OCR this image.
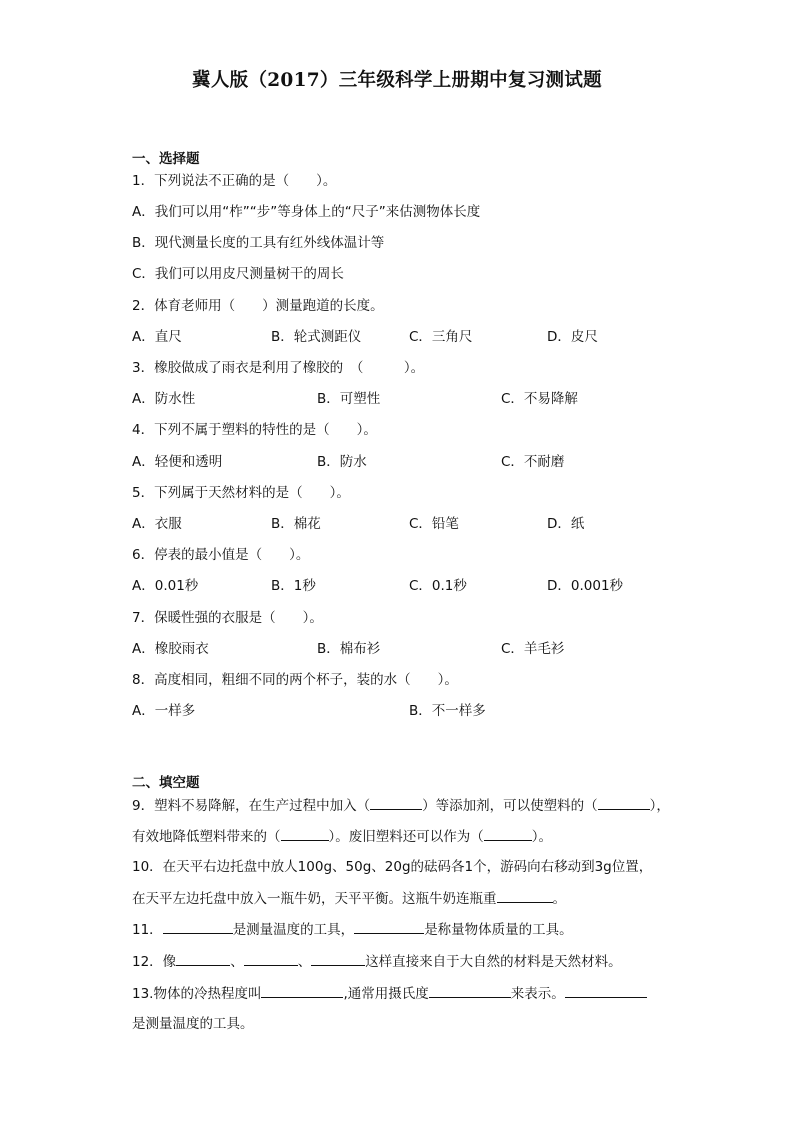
冀人版（2017）三年级科学上册期中复习测试题
一、选择题
1．下列说法不正确的是（　　）。
A．我们可以用“柞”“步”等身体上的“尺子”来估测物体长度
B．现代测量长度的工具有红外线体温计等
C．我们可以用皮尺测量树干的周长
2．体育老师用（　　）测量跑道的长度。
A．直尺	B．轮式测距仪	C．三角尺	D．皮尺
3．橡胶做成了雨衣是利用了橡胶的　（　　　）。
A．防水性	B．可塑性	C．不易降解
4．下列不属于塑料的特性的是（　　）。
A．轻便和透明	B．防水	C．不耐磨
5．下列属于天然材料的是（　　）。
A．衣服	B．棉花	C．铅笔	D．纸
6．停表的最小值是（　　）。
A．0.01秒	B．1秒	C．0.1秒	D．0.001秒
7．保暖性强的衣服是（　　）。
A．橡胶雨衣	B．棉布衫	C．羊毛衫
8．高度相同，粗细不同的两个杯子，装的水（　　）。
A．一样多	B．不一样多
二、填空题
9．塑料不易降解，在生产过程中加入（	）等添加剂，可以使塑料的（	），
有效地降低塑料带来的（	）。废旧塑料还可以作为（	）。
10．在天平右边托盘中放人100g、50g、20g的砝码各1个，游码向右移动到3g位置，
在天平左边托盘中放入一瓶牛奶，天平平衡。这瓶牛奶连瓶重	。
11．	是测量温度的工具，	是称量物体质量的工具。
12．像	、	、	这样直接来自于大自然的材料是天然材料。
13.物体的冷热程度叫	,通常用摄氏度	来表示。
是测量温度的工具。
